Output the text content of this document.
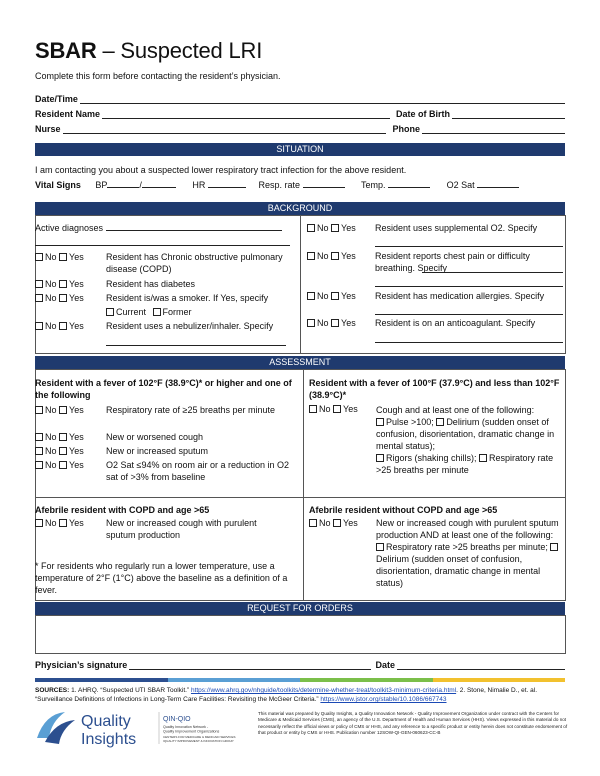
SBAR – Suspected LRI
Complete this form before contacting the resident’s physician.
Date/Time
Resident Name	Date of Birth
Nurse	Phone
SITUATION
I am contacting you about a suspected lower respiratory tract infection for the above resident.
Vital Signs BP	/	HR	Resp. rate	Temp.	O2 Sat
BACKGROUND
Active diagnoses
No Yes Resident has Chronic obstructive pulmonary disease (COPD)
No Yes Resident has diabetes
No Yes Resident is/was a smoker. If Yes, specify
Current Former
No Yes Resident uses a nebulizer/inhaler. Specify
No Yes Resident uses supplemental O2. Specify
No Yes Resident reports chest pain or difficulty breathing. Specify
No Yes Resident has medication allergies. Specify
No Yes Resident is on an anticoagulant. Specify
ASSESSMENT
Resident with a fever of 102°F (38.9°C)* or higher and one of the following
No Yes Respiratory rate of ≥25 breaths per minute
No Yes New or worsened cough
No Yes New or increased sputum
No Yes O2 Sat ≤94% on room air or a reduction in O2 sat of >3% from baseline
Resident with a fever of 100°F (37.9°C) and less than 102°F (38.9°C)*
No Yes Cough and at least one of the following:
Pulse >100; Delirium (sudden onset of confusion, disorientation, dramatic change in mental status);
Rigors (shaking chills); Respiratory rate >25 breaths per minute
Afebrile resident with COPD and age >65
No Yes New or increased cough with purulent sputum production
* For residents who regularly run a lower temperature, use a temperature of 2°F (1°C) above the baseline as a definition of a fever.
Afebrile resident without COPD and age >65
No Yes New or increased cough with purulent sputum production AND at least one of the following: Respiratory rate >25 breaths per minute; Delirium (sudden onset of confusion, disorientation, dramatic change in mental status)
REQUEST FOR ORDERS
Physician’s signature	Date
SOURCES: 1. AHRQ. “Suspected UTI SBAR Toolkit.” https://www.ahrq.gov/nhguide/toolkits/determine-whether-treat/toolkit3-minimum-criteria.html. 2. Stone, Nimalie D., et. al. “Surveillance Definitions of Infections in Long-Term Care Facilities: Revisiting the McGeer Criteria.” https://www.jstor.org/stable/10.1086/667743
Quality
Insights
QIN-QIO
Quality Innovation Network -
Quality Improvement Organizations
CENTERS FOR MEDICARE & MEDICAID SERVICES
IQUALITY IMPROVEMENT & INNOVATION GROUP
This material was prepared by Quality Insights, a Quality Innovation Network - Quality Improvement Organization under contract with the Centers for Medicare & Medicaid Services (CMS), an agency of the U.S. Department of Health and Human Services (HHS). Views expressed in this material do not necessarily reflect the official views or policy of CMS or HHS, and any reference to a specific product or entity herein does not constitute endorsement of that product or entity by CMS or HHS. Publication number 12SOW-QI-GEN-060623-CC-B
